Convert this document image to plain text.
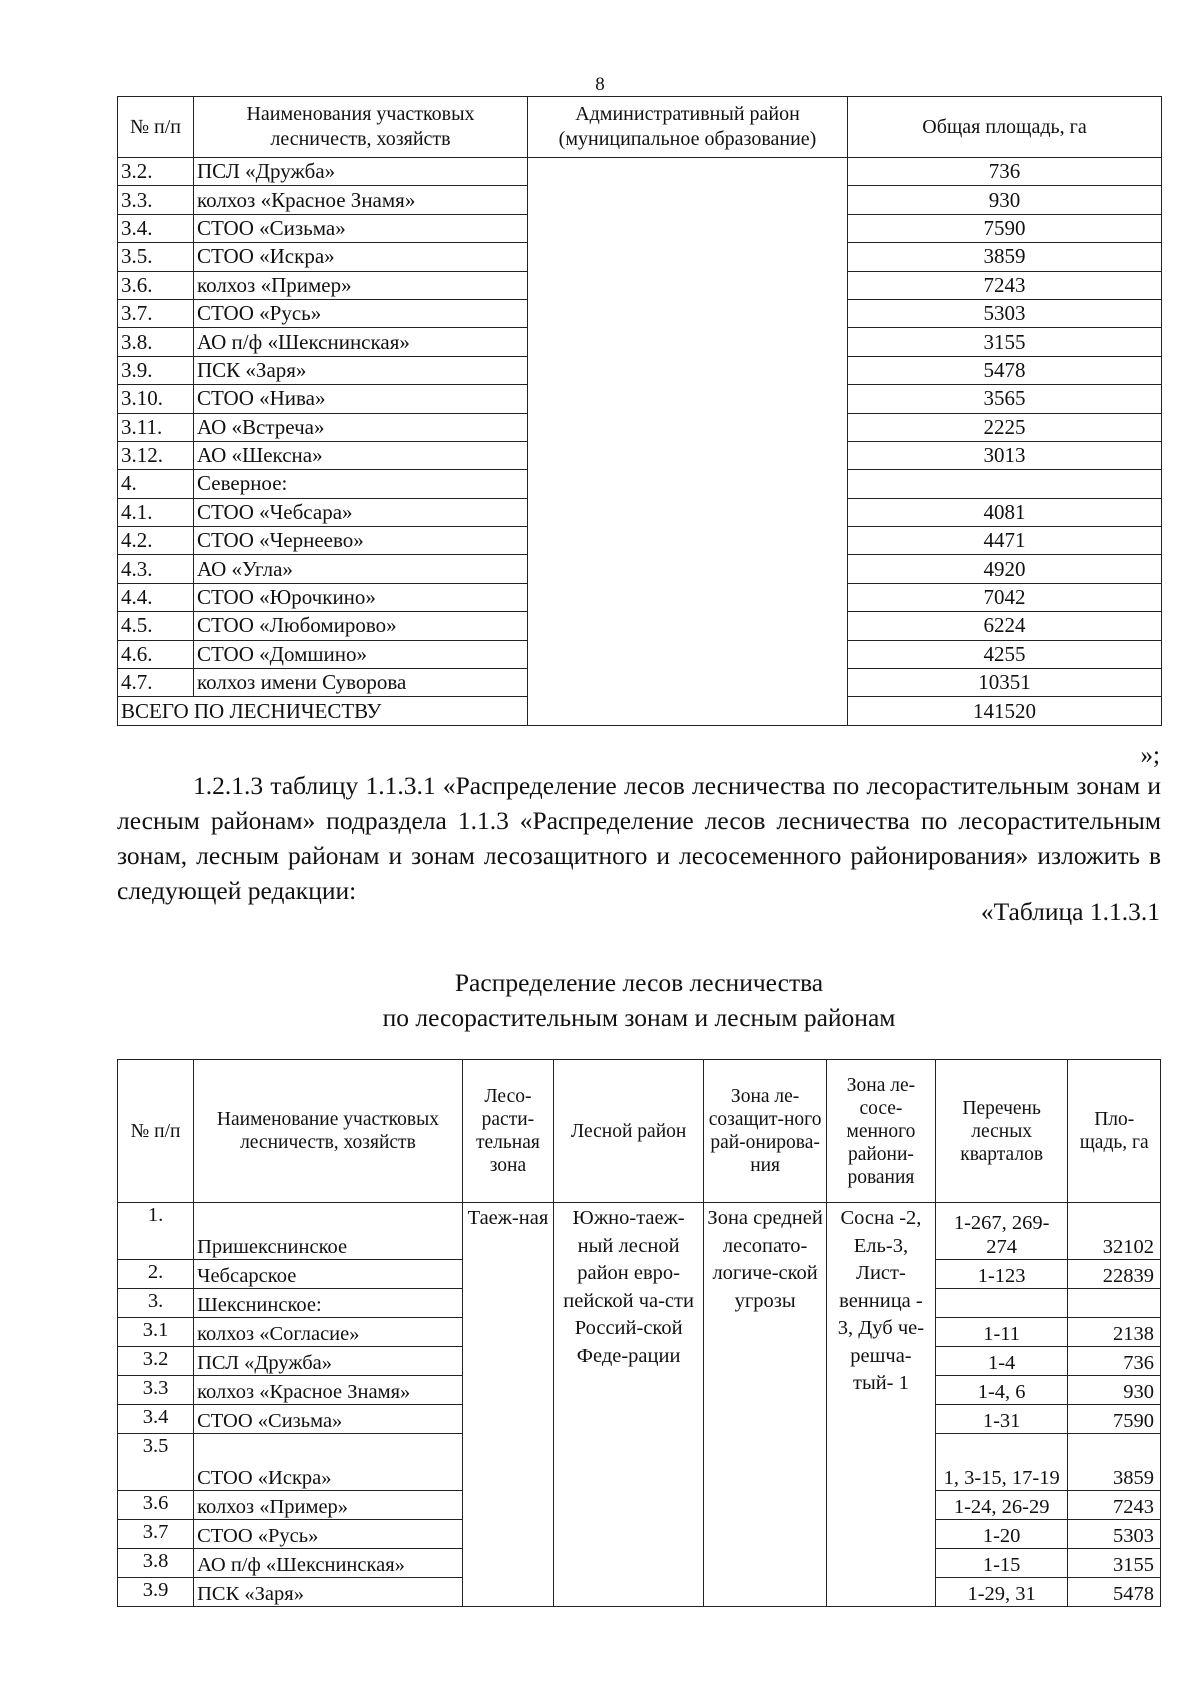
8
№ п/п	Наименования участковых лесничеств, хозяйств	Административный район (муниципальное образование)	Общая площадь, га
3.2.	ПСЛ «Дружба»		736
3.3.	колхоз «Красное Знамя»		930
3.4.	СТОО «Сизьма»		7590
3.5.	СТОО «Искра»		3859
3.6.	колхоз «Пример»		7243
3.7.	СТОО «Русь»		5303
3.8.	АО п/ф «Шекснинская»		3155
3.9.	ПСК «Заря»		5478
3.10.	СТОО «Нива»		3565
3.11.	АО «Встреча»		2225
3.12.	АО «Шексна»		3013
4.	Северное:		
4.1.	СТОО «Чебсара»		4081
4.2.	СТОО «Чернеево»		4471
4.3.	АО «Угла»		4920
4.4.	СТОО «Юрочкино»		7042
4.5.	СТОО «Любомирово»		6224
4.6.	СТОО «Домшино»		4255
4.7.	колхоз имени Суворова		10351
ВСЕГО ПО ЛЕСНИЧЕСТВУ			141520
»;
1.2.1.3 таблицу 1.1.3.1 «Распределение лесов лесничества по лесорастительным зонам и лесным районам» подраздела 1.1.3 «Распределение лесов лесничества по лесорастительным зонам, лесным районам и зонам лесозащитного и лесосеменного районирования» изложить в следующей редакции:
«Таблица 1.1.3.1
Распределение лесов лесничества
по лесорастительным зонам и лесным районам
№ п/п	Наименование участковых лесничеств, хозяйств	Лесо-расти-тельная зона	Лесной район	Зона ле-созащит-ного рай-онирова-ния	Зона ле-сосе-менного райони-рования	Перечень лесных кварталов	Пло-щадь, га
1.	Пришекснинское	Таеж-ная	Южно-таеж-ный лесной район евро-пейской ча-сти Россий-ской Феде-рации	Зона средней лесопато-логиче-ской угрозы	Сосна -2, Ель-3, Лист-венница - 3, Дуб че-решча-тый- 1	1-267, 269-274	32102
2.	Чебсарское					1-123	22839
3.	Шекснинское:						
3.1	колхоз «Согласие»					1-11	2138
3.2	ПСЛ «Дружба»					1-4	736
3.3	колхоз «Красное Знамя»					1-4, 6	930
3.4	СТОО «Сизьма»					1-31	7590
3.5	СТОО «Искра»					1, 3-15, 17-19	3859
3.6	колхоз «Пример»					1-24, 26-29	7243
3.7	СТОО «Русь»					1-20	5303
3.8	АО п/ф «Шекснинская»					1-15	3155
3.9	ПСК «Заря»					1-29, 31	5478
